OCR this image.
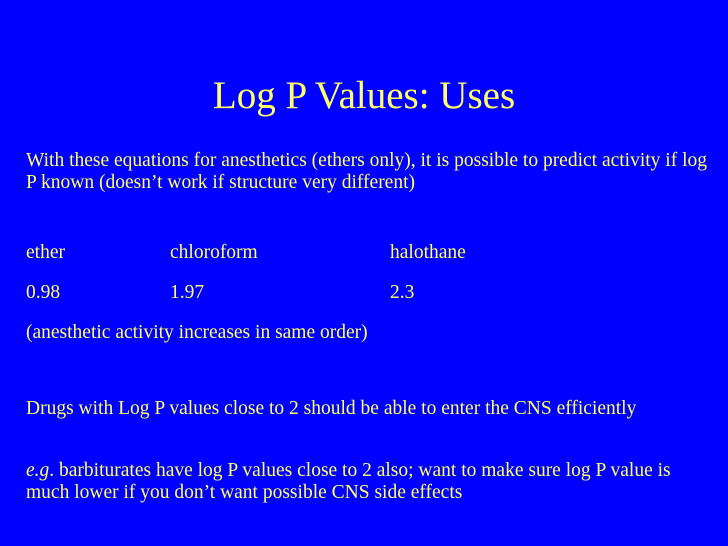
Log P Values: Uses

With these equations for anesthetics (ethers only), it is possible to predict activity if log P known (doesn’t work if structure very different)

ether	chloroform	halothane
0.98	1.97	2.3

(anesthetic activity increases in same order)

Drugs with Log P values close to 2 should be able to enter the CNS efficiently

e.g. barbiturates have log P values close to 2 also; want to make sure log P value is much lower if you don’t want possible CNS side effects
